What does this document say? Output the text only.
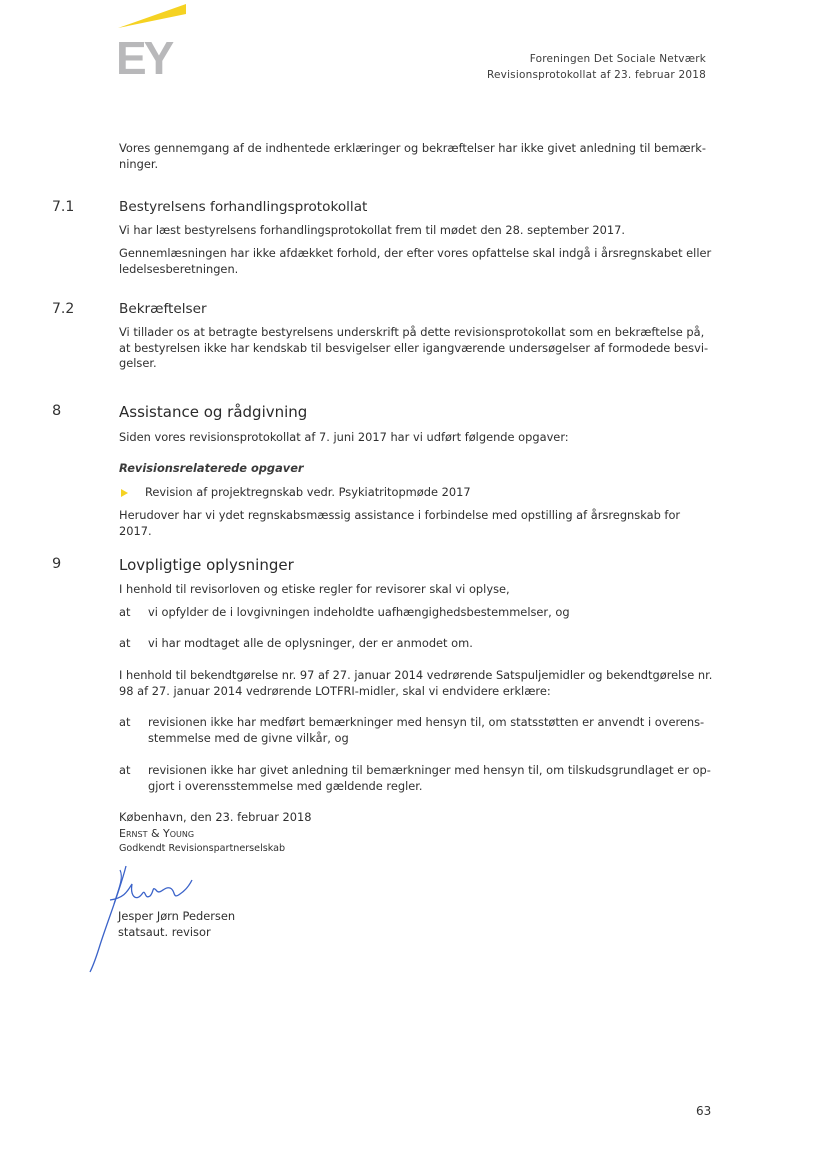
EY	Foreningen Det Sociale Netværk
Revisionsprotokollat af 23. februar 2018
Vores gennemgang af de indhentede erklæringer og bekræftelser har ikke givet anledning til bemærk-ninger.
7.1	Bestyrelsens forhandlingsprotokollat
Vi har læst bestyrelsens forhandlingsprotokollat frem til mødet den 28. september 2017.
Gennemlæsningen har ikke afdækket forhold, der efter vores opfattelse skal indgå i årsregnskabet eller ledelsesberetningen.
7.2	Bekræftelser
Vi tillader os at betragte bestyrelsens underskrift på dette revisionsprotokollat som en bekræftelse på, at bestyrelsen ikke har kendskab til besvigelser eller igangværende undersøgelser af formodede besvi-gelser.
8	Assistance og rådgivning
Siden vores revisionsprotokollat af 7. juni 2017 har vi udført følgende opgaver:
Revisionsrelaterede opgaver
Revision af projektregnskab vedr. Psykiatritopmøde 2017
Herudover har vi ydet regnskabsmæssig assistance i forbindelse med opstilling af årsregnskab for 2017.
9	Lovpligtige oplysninger
I henhold til revisorloven og etiske regler for revisorer skal vi oplyse,
at vi opfylder de i lovgivningen indeholdte uafhængighedsbestemmelser, og
at vi har modtaget alle de oplysninger, der er anmodet om.
I henhold til bekendtgørelse nr. 97 af 27. januar 2014 vedrørende Satspuljemidler og bekendtgørelse nr. 98 af 27. januar 2014 vedrørende LOTFRI-midler, skal vi endvidere erklære:
at revisionen ikke har medført bemærkninger med hensyn til, om statsstøtten er anvendt i overens-stemmelse med de givne vilkår, og
at revisionen ikke har givet anledning til bemærkninger med hensyn til, om tilskudsgrundlaget er op-gjort i overensstemmelse med gældende regler.
København, den 23. februar 2018
Ernst & Young
Godkendt Revisionspartnerselskab
Jesper Jørn Pedersen
statsaut. revisor
63
